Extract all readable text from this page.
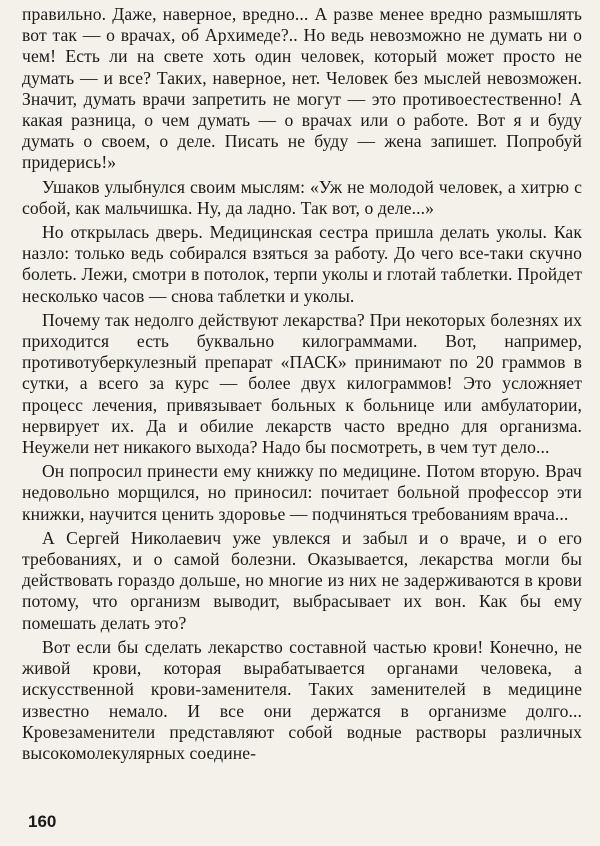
правильно. Даже, наверное, вредно... А разве менее вредно размышлять вот так — о врачах, об Архимеде?.. Но ведь невозможно не думать ни о чем! Есть ли на свете хоть один человек, который может просто не думать — и все? Таких, наверное, нет. Человек без мыслей невозможен. Значит, думать врачи запретить не могут — это противоестественно! А какая разница, о чем думать — о врачах или о работе. Вот я и буду думать о своем, о деле. Писать не буду — жена запишет. Попробуй придерись!»

Ушаков улыбнулся своим мыслям: «Уж не молодой человек, а хитрю с собой, как мальчишка. Ну, да ладно. Так вот, о деле...»

Но открылась дверь. Медицинская сестра пришла делать уколы. Как назло: только ведь собирался взяться за работу. До чего все-таки скучно болеть. Лежи, смотри в потолок, терпи уколы и глотай таблетки. Пройдет несколько часов — снова таблетки и уколы.

Почему так недолго действуют лекарства? При некоторых болезнях их приходится есть буквально килограммами. Вот, например, противотуберкулезный препарат «ПАСК» принимают по 20 граммов в сутки, а всего за курс — более двух килограммов! Это усложняет процесс лечения, привязывает больных к больнице или амбулатории, нервирует их. Да и обилие лекарств часто вредно для организма. Неужели нет никакого выхода? Надо бы посмотреть, в чем тут дело...

Он попросил принести ему книжку по медицине. Потом вторую. Врач недовольно морщился, но приносил: почитает больной профессор эти книжки, научится ценить здоровье — подчиняться требованиям врача...

А Сергей Николаевич уже увлекся и забыл и о враче, и о его требованиях, и о самой болезни. Оказывается, лекарства могли бы действовать гораздо дольше, но многие из них не задерживаются в крови потому, что организм выводит, выбрасывает их вон. Как бы ему помешать делать это?

Вот если бы сделать лекарство составной частью крови! Конечно, не живой крови, которая вырабатывается органами человека, а искусственной крови-заменителя. Таких заменителей в медицине известно немало. И все они держатся в организме долго... Кровезаменители представляют собой водные растворы различных высокомолекулярных соедине-

160
